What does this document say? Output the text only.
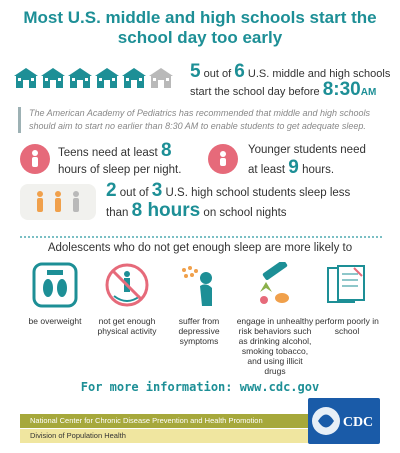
Most U.S. middle and high schools start the
school day too early
5 out of 6 U.S. middle and high schools
start the school day before 8:30AM
The American Academy of Pediatrics has recommended that middle and high schools should aim to start no earlier than 8:30 AM to enable students to get adequate sleep.
Teens need at least 8
hours of sleep per night.
Younger students need
at least 9 hours.
2 out of 3 U.S. high school students sleep less
than 8 hours on school nights
Adolescents who do not get enough sleep are more likely to
be overweight	not get enough physical activity
suffer from depressive symptoms
engage in unhealthy risk behaviors such as drinking alcohol, smoking tobacco, and using illicit drugs
perform poorly in school
For more information: www.cdc.gov
National Center for Chronic Disease Prevention and Health Promotion
Division of Population Health
CDC
